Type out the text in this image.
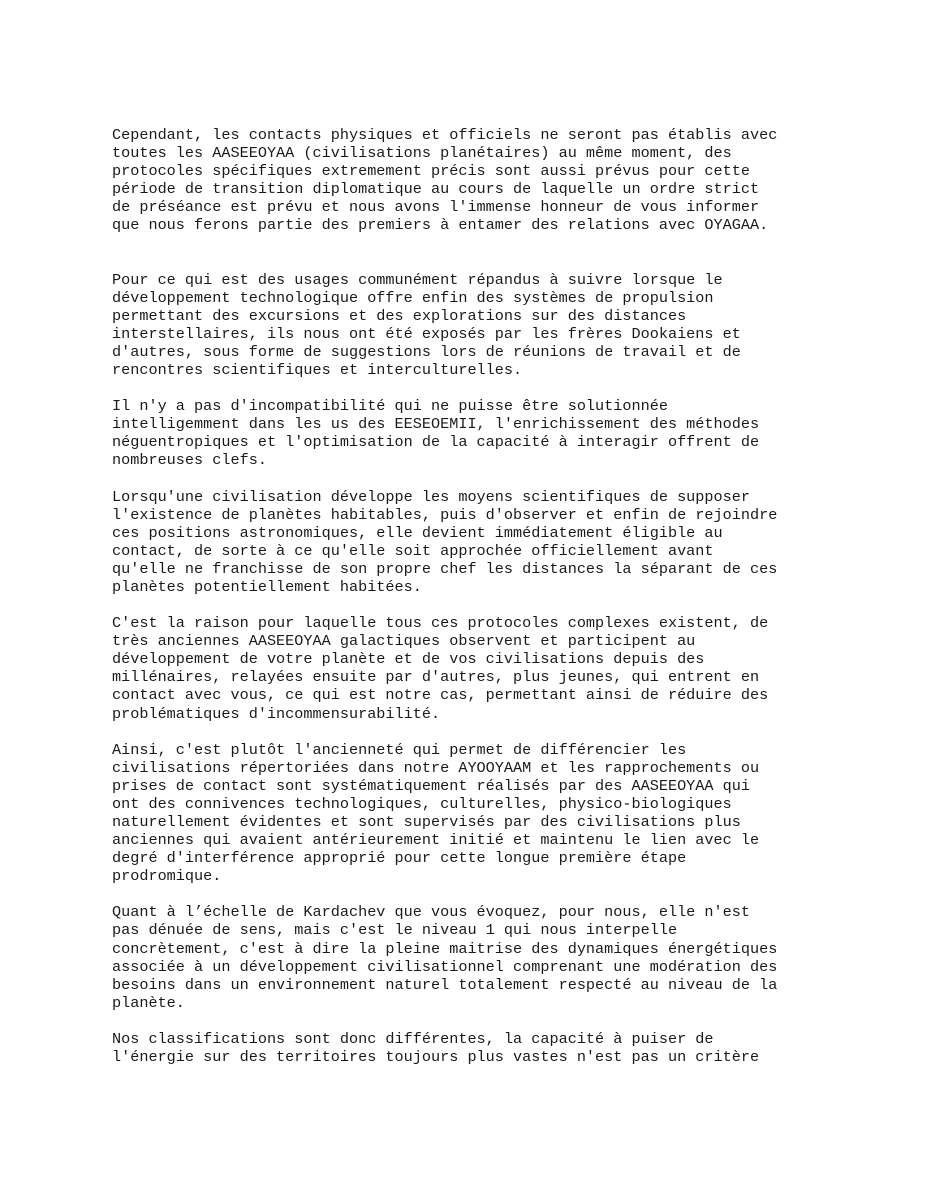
Cependant, les contacts physiques et officiels ne seront pas établis avec
toutes les AASEEOYAA (civilisations planétaires) au même moment, des
protocoles spécifiques extremement précis sont aussi prévus pour cette
période de transition diplomatique au cours de laquelle un ordre strict
de préséance est prévu et nous avons l'immense honneur de vous informer
que nous ferons partie des premiers à entamer des relations avec OYAGAA.
Pour ce qui est des usages communément répandus à suivre lorsque le
développement technologique offre enfin des systèmes de propulsion
permettant des excursions et des explorations sur des distances
interstellaires, ils nous ont été exposés par les frères Dookaiens et
d'autres, sous forme de suggestions lors de réunions de travail et de
rencontres scientifiques et interculturelles.
Il n'y a pas d'incompatibilité qui ne puisse être solutionnée
intelligemment dans les us des EESEOEMII, l'enrichissement des méthodes
néguentropiques et l'optimisation de la capacité à interagir offrent de
nombreuses clefs.
Lorsqu'une civilisation développe les moyens scientifiques de supposer
l'existence de planètes habitables, puis d'observer et enfin de rejoindre
ces positions astronomiques, elle devient immédiatement éligible au
contact, de sorte à ce qu'elle soit approchée officiellement avant
qu'elle ne franchisse de son propre chef les distances la séparant de ces
planètes potentiellement habitées.
C'est la raison pour laquelle tous ces protocoles complexes existent, de
très anciennes AASEEOYAA galactiques observent et participent au
développement de votre planète et de vos civilisations depuis des
millénaires, relayées ensuite par d'autres, plus jeunes, qui entrent en
contact avec vous, ce qui est notre cas, permettant ainsi de réduire des
problématiques d'incommensurabilité.
Ainsi, c'est plutôt l'ancienneté qui permet de différencier les
civilisations répertoriées dans notre AYOOYAAM et les rapprochements ou
prises de contact sont systématiquement réalisés par des AASEEOYAA qui
ont des connivences technologiques, culturelles, physico-biologiques
naturellement évidentes et sont supervisés par des civilisations plus
anciennes qui avaient antérieurement initié et maintenu le lien avec le
degré d'interférence approprié pour cette longue première étape
prodromique.
Quant à l’échelle de Kardachev que vous évoquez, pour nous, elle n'est
pas dénuée de sens, mais c'est le niveau 1 qui nous interpelle
concrètement, c'est à dire la pleine maitrise des dynamiques énergétiques
associée à un développement civilisationnel comprenant une modération des
besoins dans un environnement naturel totalement respecté au niveau de la
planète.
Nos classifications sont donc différentes, la capacité à puiser de
l'énergie sur des territoires toujours plus vastes n'est pas un critère
